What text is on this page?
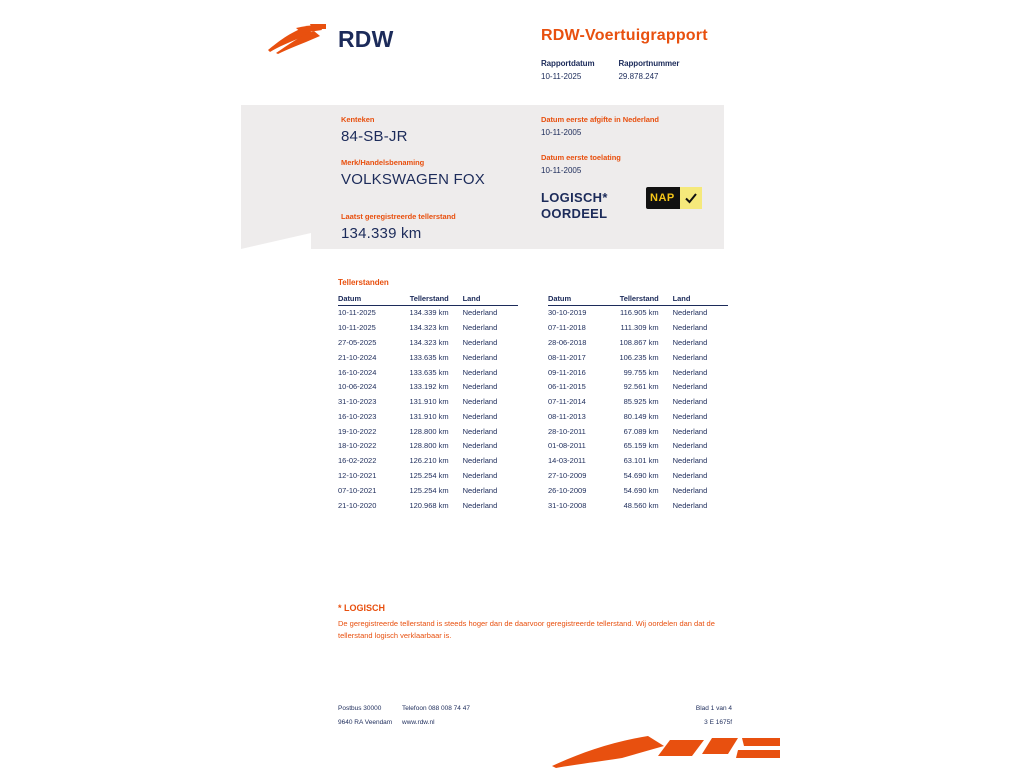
RDW	RDW-Voertuigrapport
Rapportdatum
10-11-2025
Rapportnummer
29.878.247
Kenteken
84-SB-JR
Merk/Handelsbenaming
VOLKSWAGEN FOX
Laatst geregistreerde tellerstand
134.339 km
Datum eerste afgifte in Nederland
10-11-2005
Datum eerste toelating
10-11-2005
LOGISCH*
OORDEEL
NAP
Tellerstanden
Datum	Tellerstand	Land
10-11-2025	134.339 km	Nederland
10-11-2025	134.323 km	Nederland
27-05-2025	134.323 km	Nederland
21-10-2024	133.635 km	Nederland
16-10-2024	133.635 km	Nederland
10-06-2024	133.192 km	Nederland
31-10-2023	131.910 km	Nederland
16-10-2023	131.910 km	Nederland
19-10-2022	128.800 km	Nederland
18-10-2022	128.800 km	Nederland
16-02-2022	126.210 km	Nederland
12-10-2021	125.254 km	Nederland
07-10-2021	125.254 km	Nederland
21-10-2020	120.968 km	Nederland
Datum	Tellerstand	Land
30-10-2019	116.905 km	Nederland
07-11-2018	111.309 km	Nederland
28-06-2018	108.867 km	Nederland
08-11-2017	106.235 km	Nederland
09-11-2016	99.755 km	Nederland
06-11-2015	92.561 km	Nederland
07-11-2014	85.925 km	Nederland
08-11-2013	80.149 km	Nederland
28-10-2011	67.089 km	Nederland
01-08-2011	65.159 km	Nederland
14-03-2011	63.101 km	Nederland
27-10-2009	54.690 km	Nederland
26-10-2009	54.690 km	Nederland
31-10-2008	48.560 km	Nederland
* LOGISCH
De geregistreerde tellerstand is steeds hoger dan de daarvoor geregistreerde tellerstand. Wij oordelen dan dat de tellerstand logisch verklaarbaar is.
Postbus 30000	Telefoon 088 008 74 47	Blad 1 van 4
9640 RA Veendam	www.rdw.nl	3 E 1675f
